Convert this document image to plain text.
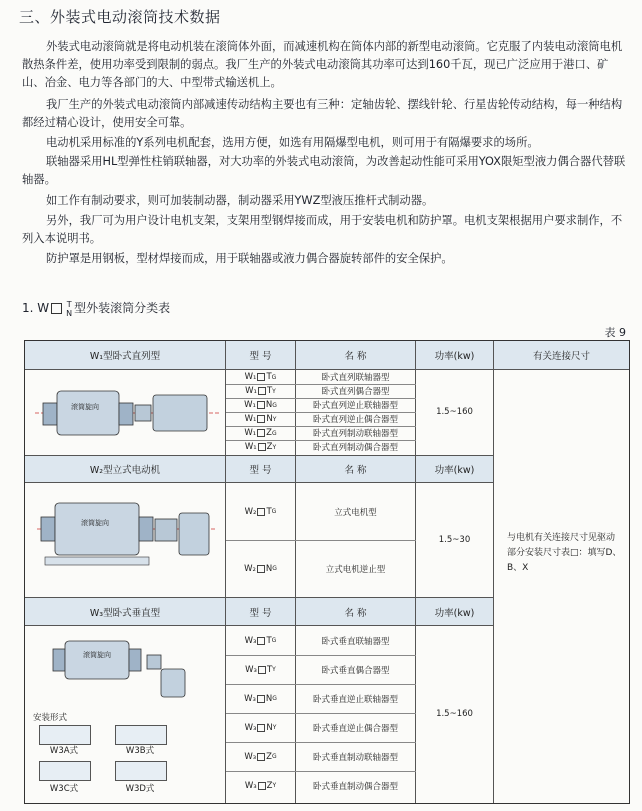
三、外装式电动滚筒技术数据

外装式电动滚筒就是将电动机装在滚筒体外面，而减速机构在筒体内部的新型电动滚筒。它克服了内装电动滚筒电机散热条件差，使用功率受到限制的弱点。我厂生产的外装式电动滚筒其功率可达到160千瓦，现已广泛应用于港口、矿山、冶金、电力等各部门的大、中型带式输送机上。

我厂生产的外装式电动滚筒内部减速传动结构主要也有三种：定轴齿轮、摆线针轮、行星齿轮传动结构，每一种结构都经过精心设计，使用安全可靠。

电动机采用标准的Y系列电机配套，选用方便，如选有用隔爆型电机，则可用于有隔爆要求的场所。

联轴器采用HL型弹性柱销联轴器，对大功率的外装式电动滚筒，为改善起动性能可采用YOX限矩型液力偶合器代替联轴器。

如工作有制动要求，则可加装制动器，制动器采用YWZ型液压推杆式制动器。

另外，我厂可为用户设计电机支架，支架用型钢焊接而成，用于安装电机和防护罩。电机支架根据用户要求制作，不列入本说明书。

防护罩是用钢板，型材焊接而成，用于联轴器或液力偶合器旋转部件的安全保护。

1. W T
N 型外装滚筒分类表
表 9
W₁型卧式直列型	型 号	名 称	功率(kw)	有关连接尺寸
W₁ T G	卧式直列联轴器型
W₁ T Y	卧式直列偶合器型
W₁ N G	卧式直列逆止联轴器型
W₁ N Y	卧式直列逆止偶合器型
W₁ Z G	卧式直列制动联轴器型
W₁ Z Y	卧式直列制动偶合器型
1.5~160
W₂型立式电动机	型 号	名 称	功率(kw)
W₂ T G	立式电机型
W₂ N G	立式电机逆止型
1.5~30
W₃型卧式垂直型	型 号	名 称	功率(kw)
W₃ T G	卧式垂直联轴器型
W₃ T Y	卧式垂直偶合器型
W₃ N G	卧式垂直逆止联轴器型
W₃ N Y	卧式垂直逆止偶合器型
W₃ Z G	卧式垂直制动联轴器型
W₃ Z Y	卧式垂直制动偶合器型
1.5~160
与电机有关连接尺寸见驱动部分安装尺寸表□：填写D、B、X
滚筒旋向
滚筒旋向
滚筒旋向
安装形式
W3A式	W3B式
W3C式	W3D式
